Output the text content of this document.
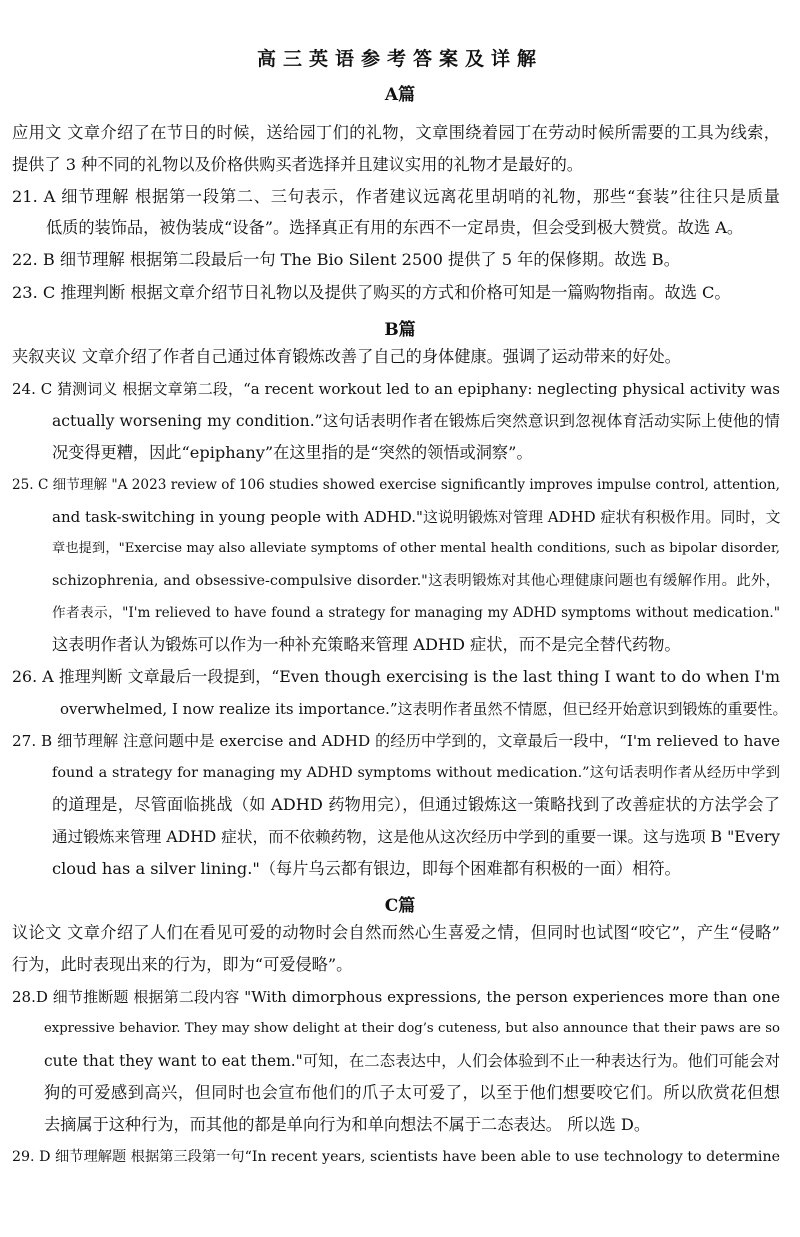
高三英语参考答案及详解
A篇
应用文 文章介绍了在节日的时候，送给园丁们的礼物，文章围绕着园丁在劳动时候所需要的工具为线索，
提供了 3 种不同的礼物以及价格供购买者选择并且建议实用的礼物才是最好的。
21. A 细节理解 根据第一段第二、三句表示，作者建议远离花里胡哨的礼物，那些“套装”往往只是质量
低质的装饰品，被伪装成“设备”。选择真正有用的东西不一定昂贵，但会受到极大赞赏。故选 A。
22. B 细节理解 根据第二段最后一句 The Bio Silent 2500 提供了 5 年的保修期。故选 B。
23. C 推理判断 根据文章介绍节日礼物以及提供了购买的方式和价格可知是一篇购物指南。故选 C。
B篇
夹叙夹议 文章介绍了作者自己通过体育锻炼改善了自己的身体健康。强调了运动带来的好处。
24. C 猜测词义 根据文章第二段，“a recent workout led to an epiphany: neglecting physical activity was
actually worsening my condition.”这句话表明作者在锻炼后突然意识到忽视体育活动实际上使他的情
况变得更糟，因此“epiphany”在这里指的是“突然的领悟或洞察”。
25. C 细节理解 "A 2023 review of 106 studies showed exercise significantly improves impulse control, attention,
and task-switching in young people with ADHD."这说明锻炼对管理 ADHD 症状有积极作用。同时，文
章也提到，"Exercise may also alleviate symptoms of other mental health conditions, such as bipolar disorder,
schizophrenia, and obsessive-compulsive disorder."这表明锻炼对其他心理健康问题也有缓解作用。此外，
作者表示，"I'm relieved to have found a strategy for managing my ADHD symptoms without medication."
这表明作者认为锻炼可以作为一种补充策略来管理 ADHD 症状，而不是完全替代药物。
26. A 推理判断 文章最后一段提到，“Even though exercising is the last thing I want to do when I'm
overwhelmed, I now realize its importance.”这表明作者虽然不情愿，但已经开始意识到锻炼的重要性。
27. B 细节理解 注意问题中是 exercise and ADHD 的经历中学到的，文章最后一段中，“I'm relieved to have
found a strategy for managing my ADHD symptoms without medication.”这句话表明作者从经历中学到
的道理是，尽管面临挑战（如 ADHD 药物用完），但通过锻炼这一策略找到了改善症状的方法学会了
通过锻炼来管理 ADHD 症状，而不依赖药物，这是他从这次经历中学到的重要一课。这与选项 B "Every
cloud has a silver lining."（每片乌云都有银边，即每个困难都有积极的一面）相符。
C篇
议论文 文章介绍了人们在看见可爱的动物时会自然而然心生喜爱之情，但同时也试图“咬它”，产生“侵略”
行为，此时表现出来的行为，即为“可爱侵略”。
28.D 细节推断题 根据第二段内容 "With dimorphous expressions, the person experiences more than one
expressive behavior. They may show delight at their dog’s cuteness, but also announce that their paws are so
cute that they want to eat them."可知，在二态表达中，人们会体验到不止一种表达行为。他们可能会对
狗的可爱感到高兴，但同时也会宣布他们的爪子太可爱了，以至于他们想要咬它们。所以欣赏花但想
去摘属于这种行为，而其他的都是单向行为和单向想法不属于二态表达。 所以选 D。
29. D 细节理解题 根据第三段第一句“In recent years, scientists have been able to use technology to determine
